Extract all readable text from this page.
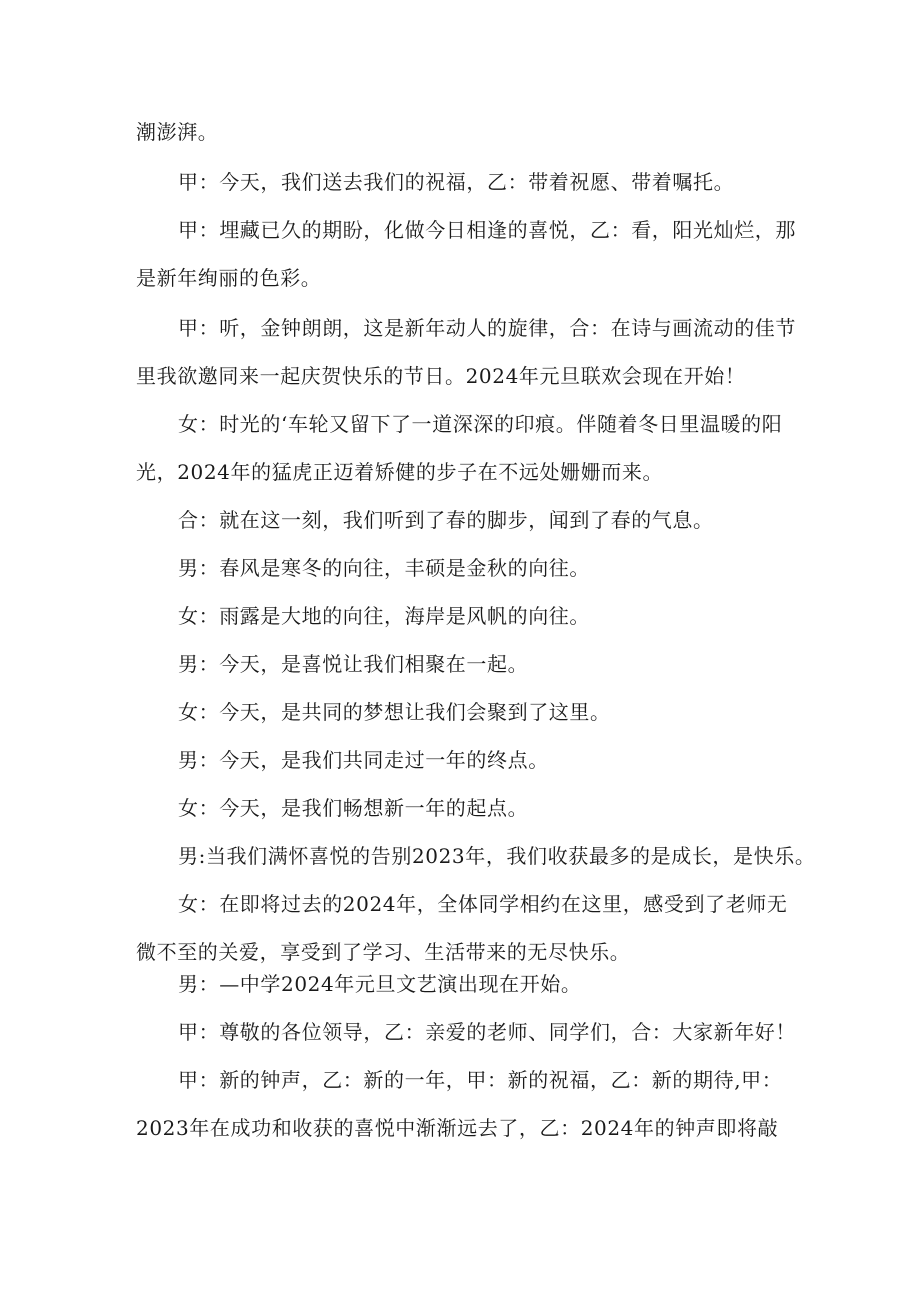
潮澎湃。
甲：今天，我们送去我们的祝福，乙：带着祝愿、带着嘱托。
甲：埋藏已久的期盼，化做今日相逢的喜悦，乙：看，阳光灿烂，那
是新年绚丽的色彩。
甲：听，金钟朗朗，这是新年动人的旋律，合：在诗与画流动的佳节
里我欲邀同来一起庆贺快乐的节日。2024年元旦联欢会现在开始！
女：时光的‘车轮又留下了一道深深的印痕。伴随着冬日里温暖的阳
光，2024年的猛虎正迈着矫健的步子在不远处姗姗而来。
合：就在这一刻，我们听到了春的脚步，闻到了春的气息。
男：春风是寒冬的向往，丰硕是金秋的向往。
女：雨露是大地的向往，海岸是风帆的向往。
男：今天，是喜悦让我们相聚在一起。
女：今天，是共同的梦想让我们会聚到了这里。
男：今天，是我们共同走过一年的终点。
女：今天，是我们畅想新一年的起点。
男:当我们满怀喜悦的告别2023年，我们收获最多的是成长，是快乐。
女：在即将过去的2024年，全体同学相约在这里，感受到了老师无
微不至的关爱，享受到了学习、生活带来的无尽快乐。
男：—中学2024年元旦文艺演出现在开始。
甲：尊敬的各位领导，乙：亲爱的老师、同学们，合：大家新年好！
甲：新的钟声，乙：新的一年，甲：新的祝福，乙：新的期待,甲：
2023年在成功和收获的喜悦中渐渐远去了，乙：2024年的钟声即将敲
